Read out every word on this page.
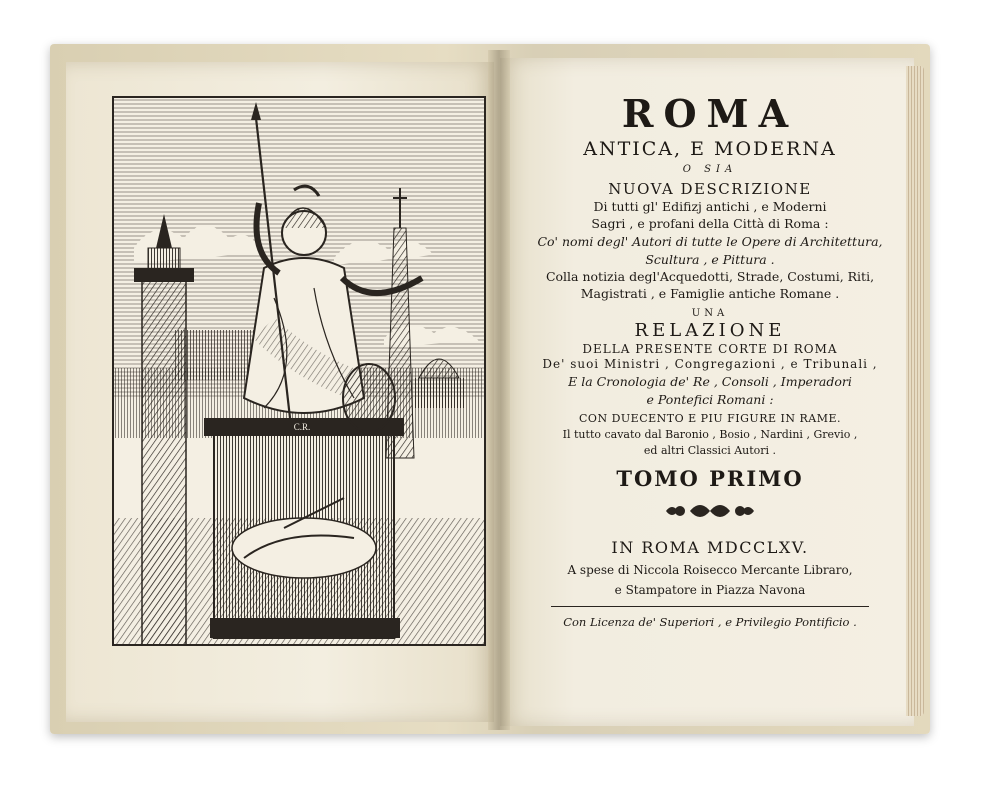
C.R.

ROMA

ANTICA, E MODERNA

O SIA

NUOVA DESCRIZIONE

Di tutti gl' Edifizj antichi , e Moderni

Sagri , e profani della Città di Roma :

Co' nomi degl' Autori di tutte le Opere di Architettura,

Scultura , e Pittura .

Colla notizia degl'Acquedotti, Strade, Costumi, Riti,

Magistrati , e Famiglie antiche Romane .

UNA

RELAZIONE

DELLA PRESENTE CORTE DI ROMA

De' suoi Ministri , Congregazioni , e Tribunali ,

E la Cronologia de' Re , Consoli , Imperadori

e Pontefici Romani :

CON DUECENTO E PIU FIGURE IN RAME.

Il tutto cavato dal Baronio , Bosio , Nardini , Grevio ,

ed altri Classici Autori .

TOMO PRIMO

IN ROMA MDCCLXV.

A spese di Niccola Roisecco Mercante Libraro,

e Stampatore in Piazza Navona

Con Licenza de' Superiori , e Privilegio Pontificio .
